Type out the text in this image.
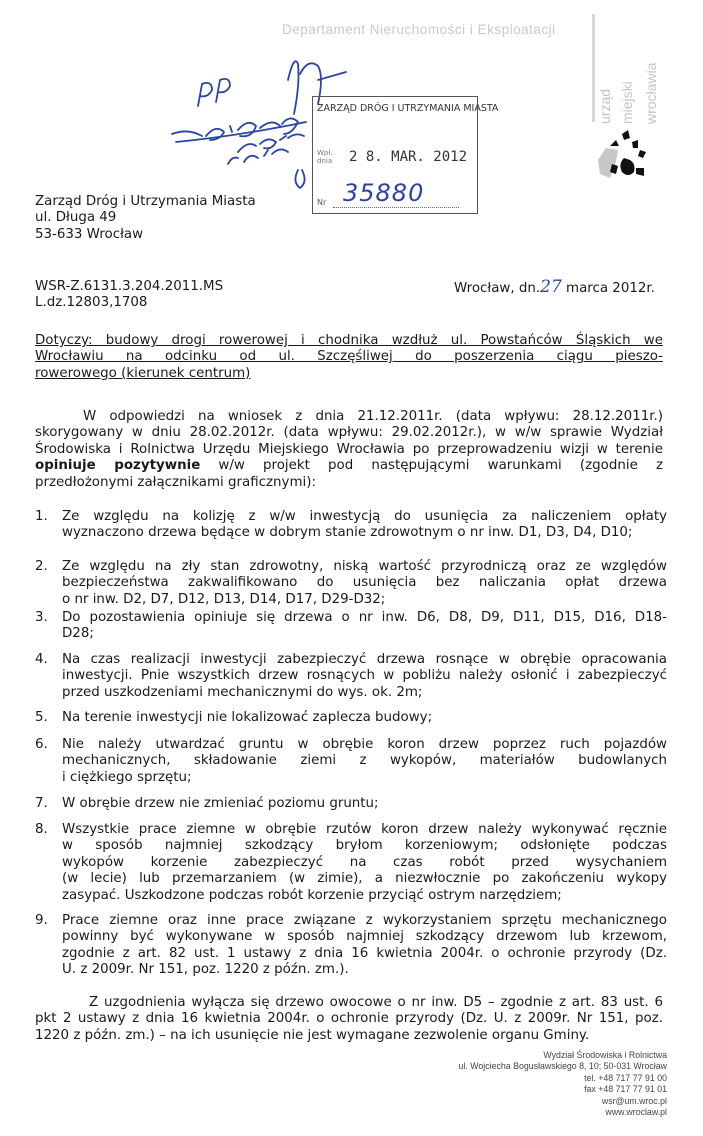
Departament Nieruchomości i Eksploatacji
urząd miejski wrocławia
ZARZĄD DRÓG I UTRZYMANIA MIASTA
Wpł. dnia 2 8. MAR. 2012
Nr 35880
Zarząd Dróg i Utrzymania Miasta
ul. Długa 49
53-633 Wrocław
WSR-Z.6131.3.204.2011.MS
L.dz.12803,1708
Wrocław, dn.27 marca 2012r.

Dotyczy: budowy drogi rowerowej i chodnika wzdłuż ul. Powstańców Śląskich we

Wrocławiu na odcinku od ul. Szczęśliwej do poszerzenia ciągu pieszo-

rowerowego (kierunek centrum)

W odpowiedzi na wniosek z dnia 21.12.2011r. (data wpływu: 28.12.2011r.)
skorygowany w dniu 28.02.2012r. (data wpływu: 29.02.2012r.), w w/w sprawie Wydział
Środowiska i Rolnictwa Urzędu Miejskiego Wrocławia po przeprowadzeniu wizji w terenie
opiniuje pozytywnie w/w projekt pod następującymi warunkami (zgodnie z
przedłożonymi załącznikami graficznymi):
1. Ze względu na kolizję z w/w inwestycją do usunięcia za naliczeniem opłaty
wyznaczono drzewa będące w dobrym stanie zdrowotnym o nr inw. D1, D3, D4, D10;
2. Ze względu na zły stan zdrowotny, niską wartość przyrodniczą oraz ze względów
bezpieczeństwa zakwalifikowano do usunięcia bez naliczania opłat drzewa
o nr inw. D2, D7, D12, D13, D14, D17, D29-D32;
3. Do pozostawienia opiniuje się drzewa o nr inw. D6, D8, D9, D11, D15, D16, D18-
D28;
4. Na czas realizacji inwestycji zabezpieczyć drzewa rosnące w obrębie opracowania
inwestycji. Pnie wszystkich drzew rosnących w pobliżu należy osłonić i zabezpieczyć
przed uszkodzeniami mechanicznymi do wys. ok. 2m;
5. Na terenie inwestycji nie lokalizować zaplecza budowy;
6. Nie należy utwardzać gruntu w obrębie koron drzew poprzez ruch pojazdów
mechanicznych, składowanie ziemi z wykopów, materiałów budowlanych
i ciężkiego sprzętu;
7. W obrębie drzew nie zmieniać poziomu gruntu;
8. Wszystkie prace ziemne w obrębie rzutów koron drzew należy wykonywać ręcznie
w sposób najmniej szkodzący bryłom korzeniowym; odsłonięte podczas
wykopów korzenie zabezpieczyć na czas robót przed wysychaniem
(w lecie) lub przemarzaniem (w zimie), a niezwłocznie po zakończeniu wykopy
zasypać. Uszkodzone podczas robót korzenie przyciąć ostrym narzędziem;
9. Prace ziemne oraz inne prace związane z wykorzystaniem sprzętu mechanicznego
powinny być wykonywane w sposób najmniej szkodzący drzewom lub krzewom,
zgodnie z art. 82 ust. 1 ustawy z dnia 16 kwietnia 2004r. o ochronie przyrody (Dz.
U. z 2009r. Nr 151, poz. 1220 z późn. zm.).
Z uzgodnienia wyłącza się drzewo owocowe o nr inw. D5 – zgodnie z art. 83 ust. 6
pkt 2 ustawy z dnia 16 kwietnia 2004r. o ochronie przyrody (Dz. U. z 2009r. Nr 151, poz.
1220 z późn. zm.) – na ich usunięcie nie jest wymagane zezwolenie organu Gminy.
Wydział Środowiska i Rolnictwa
ul. Wojciecha Bogusławskiego 8, 10; 50-031 Wrocław
tel. +48 717 77 91 00
fax +48 717 77 91 01
wsr@um.wroc.pl
www.wroclaw.pl
